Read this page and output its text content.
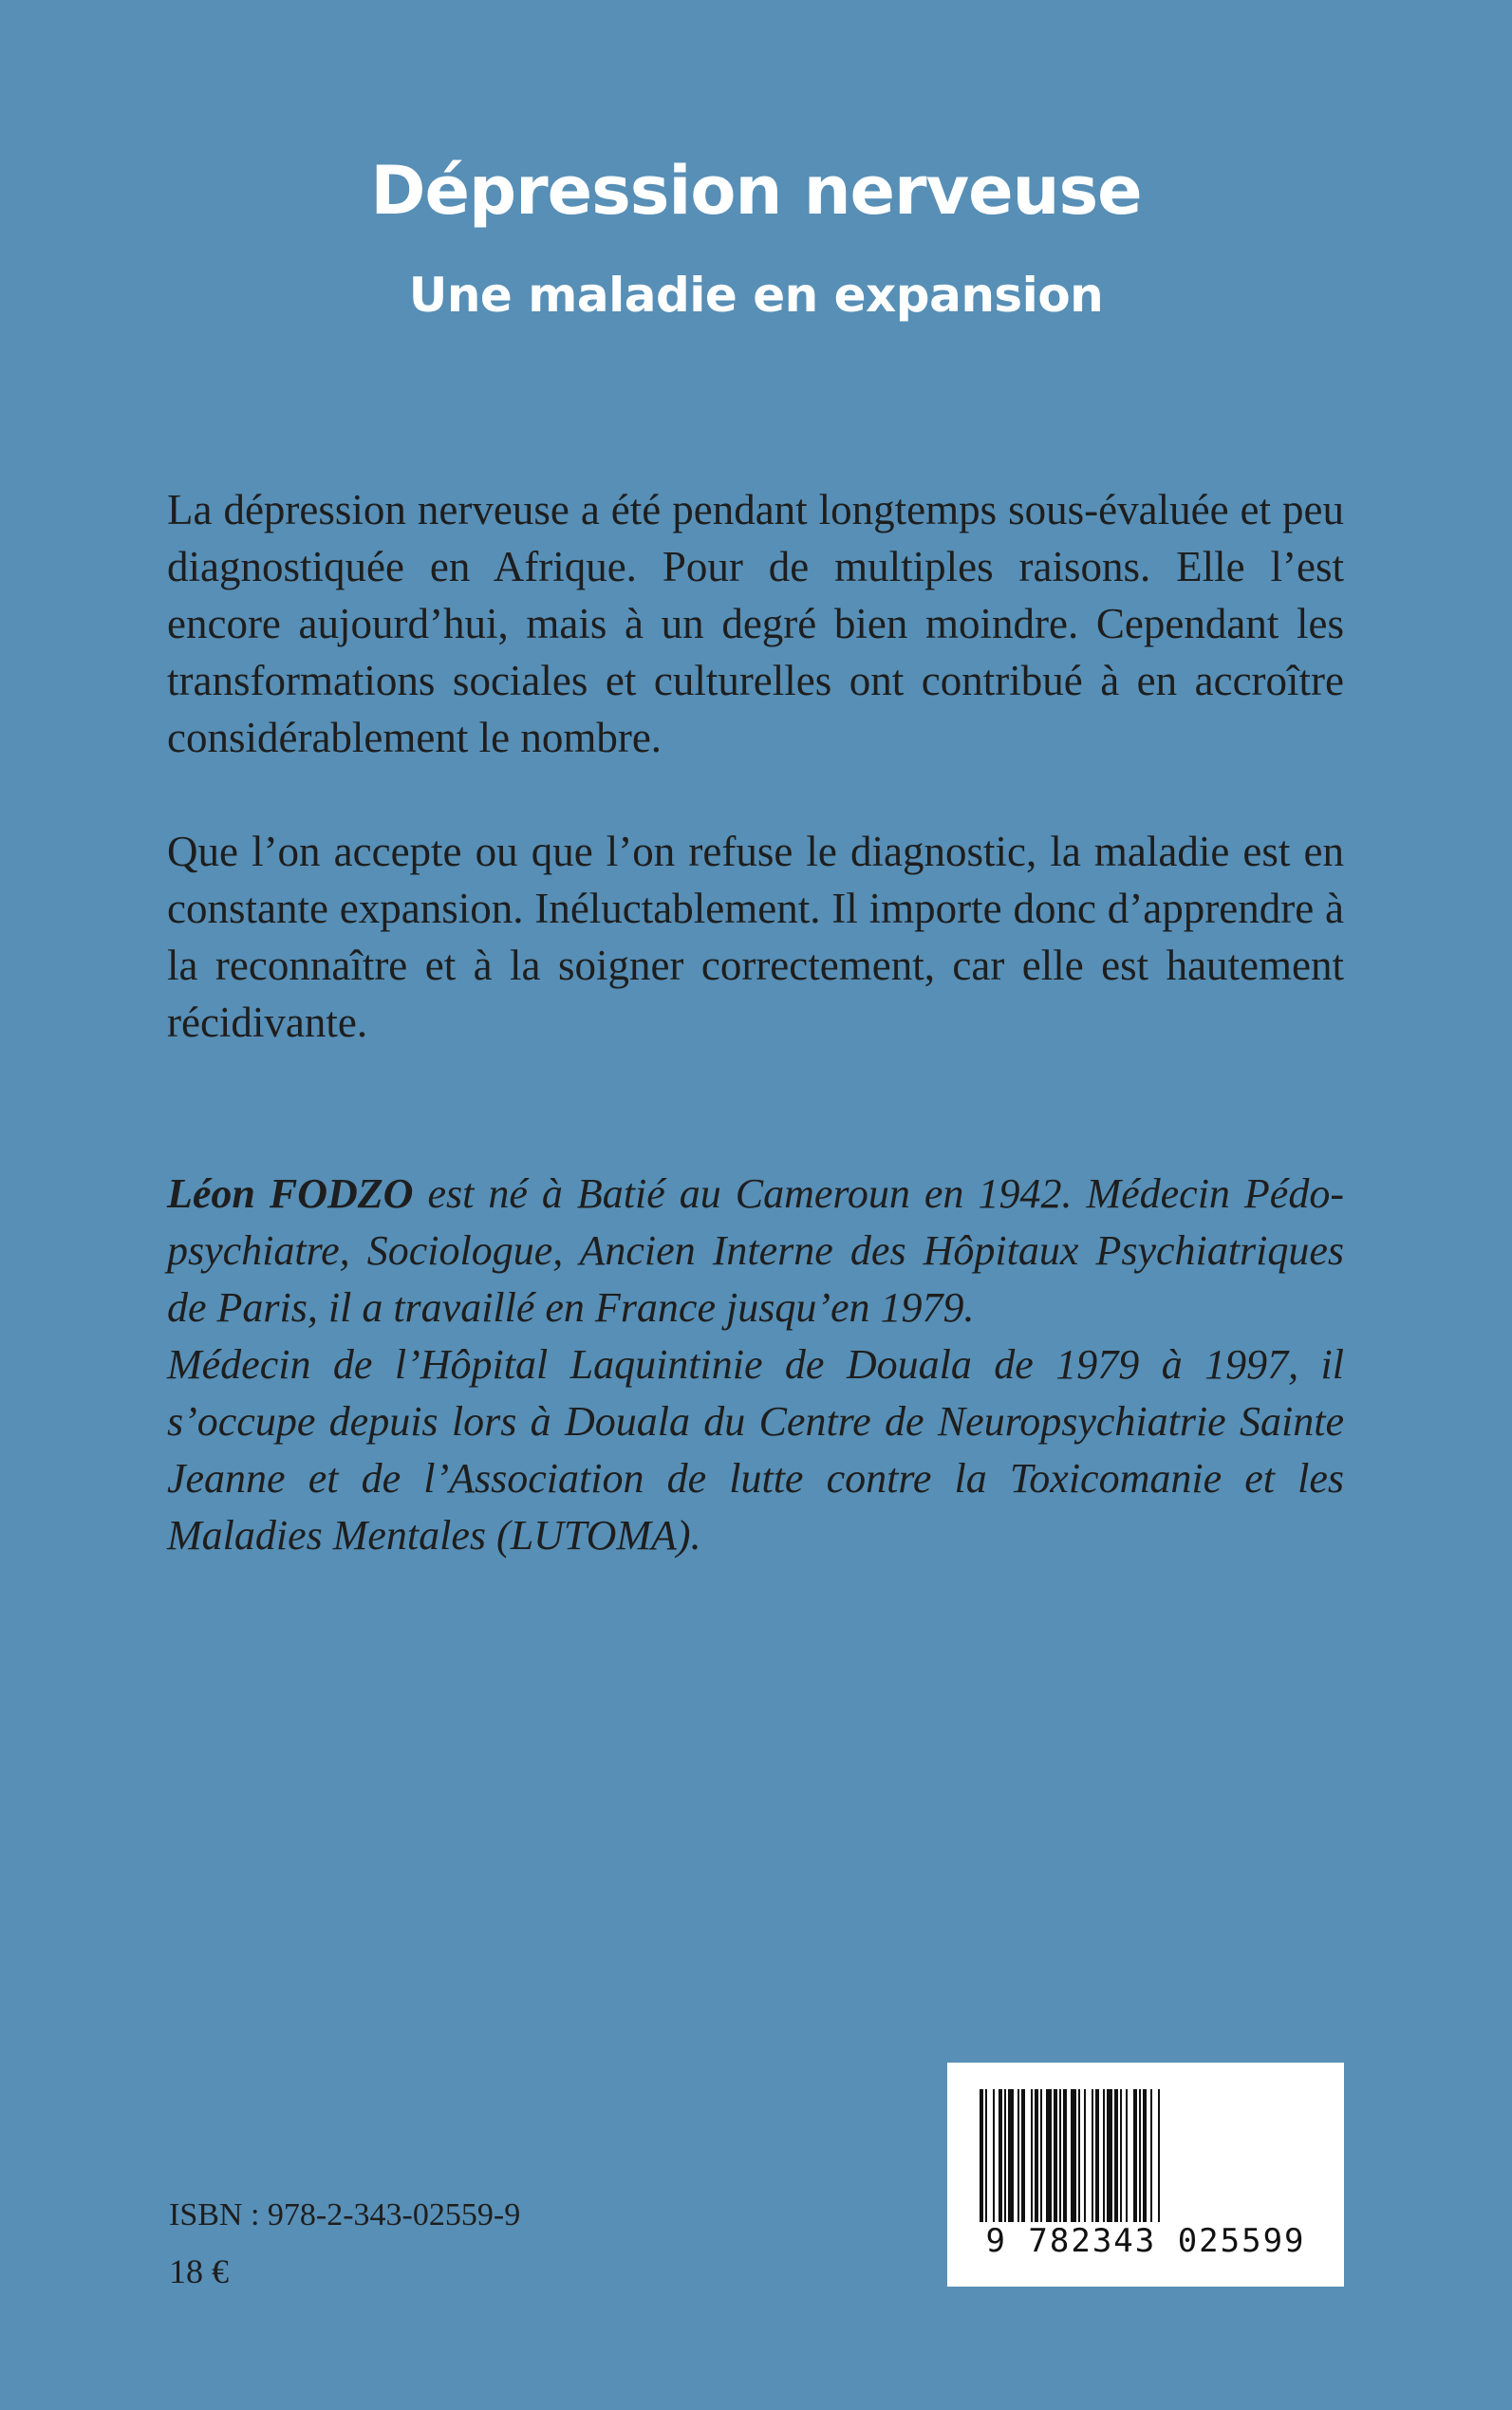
Dépression nerveuse
Une maladie en expansion

La dépression nerveuse a été pendant longtemps sous-évaluée et peu diagnostiquée en Afrique. Pour de multiples raisons. Elle l’est encore aujourd’hui, mais à un degré bien moindre. Cependant les transformations sociales et culturelles ont contribué à en accroître considérablement le nombre.

Que l’on accepte ou que l’on refuse le diagnostic, la maladie est en constante expansion. Inéluctablement. Il importe donc d’apprendre à la reconnaître et à la soigner correctement, car elle est hautement récidivante.

Léon FODZO est né à Batié au Cameroun en 1942. Médecin Pédo-psychiatre, Sociologue, Ancien Interne des Hôpitaux Psychiatriques de Paris, il a travaillé en France jusqu’en 1979.

Médecin de l’Hôpital Laquintinie de Douala de 1979 à 1997, il s’occupe depuis lors à Douala du Centre de Neuropsychiatrie Sainte Jeanne et de l’Association de lutte contre la Toxicomanie et les Maladies Mentales (LUTOMA).

9 782343 025599
ISBN : 978-2-343-02559-9
18 €
